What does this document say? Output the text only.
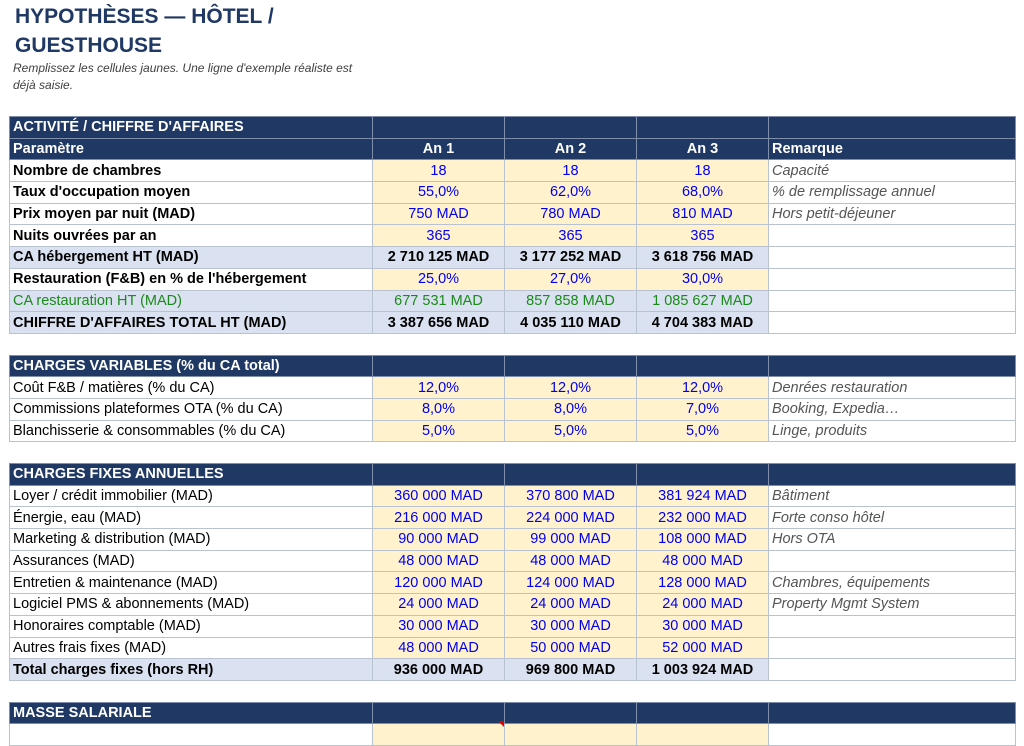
HYPOTHÈSES — HÔTEL / GUESTHOUSE
Remplissez les cellules jaunes. Une ligne d'exemple réaliste est déjà saisie.
ACTIVITÉ / CHIFFRE D'AFFAIRES				
Paramètre	An 1	An 2	An 3	Remarque
Nombre de chambres	18	18	18	Capacité
Taux d'occupation moyen	55,0%	62,0%	68,0%	% de remplissage annuel
Prix moyen par nuit (MAD)	750 MAD	780 MAD	810 MAD	Hors petit-déjeuner
Nuits ouvrées par an	365	365	365	
CA hébergement HT (MAD)	2 710 125 MAD	3 177 252 MAD	3 618 756 MAD	
Restauration (F&B) en % de l'hébergement	25,0%	27,0%	30,0%	
CA restauration HT (MAD)	677 531 MAD	857 858 MAD	1 085 627 MAD	
CHIFFRE D'AFFAIRES TOTAL HT (MAD)	3 387 656 MAD	4 035 110 MAD	4 704 383 MAD	

CHARGES VARIABLES (% du CA total)				
Coût F&B / matières (% du CA)	12,0%	12,0%	12,0%	Denrées restauration
Commissions plateformes OTA (% du CA)	8,0%	8,0%	7,0%	Booking, Expedia…
Blanchisserie & consommables (% du CA)	5,0%	5,0%	5,0%	Linge, produits

CHARGES FIXES ANNUELLES				
Loyer / crédit immobilier (MAD)	360 000 MAD	370 800 MAD	381 924 MAD	Bâtiment
Énergie, eau (MAD)	216 000 MAD	224 000 MAD	232 000 MAD	Forte conso hôtel
Marketing & distribution (MAD)	90 000 MAD	99 000 MAD	108 000 MAD	Hors OTA
Assurances (MAD)	48 000 MAD	48 000 MAD	48 000 MAD	
Entretien & maintenance (MAD)	120 000 MAD	124 000 MAD	128 000 MAD	Chambres, équipements
Logiciel PMS & abonnements (MAD)	24 000 MAD	24 000 MAD	24 000 MAD	Property Mgmt System
Honoraires comptable (MAD)	30 000 MAD	30 000 MAD	30 000 MAD	
Autres frais fixes (MAD)	48 000 MAD	50 000 MAD	52 000 MAD	
Total charges fixes (hors RH)	936 000 MAD	969 800 MAD	1 003 924 MAD	

MASSE SALARIALE				
